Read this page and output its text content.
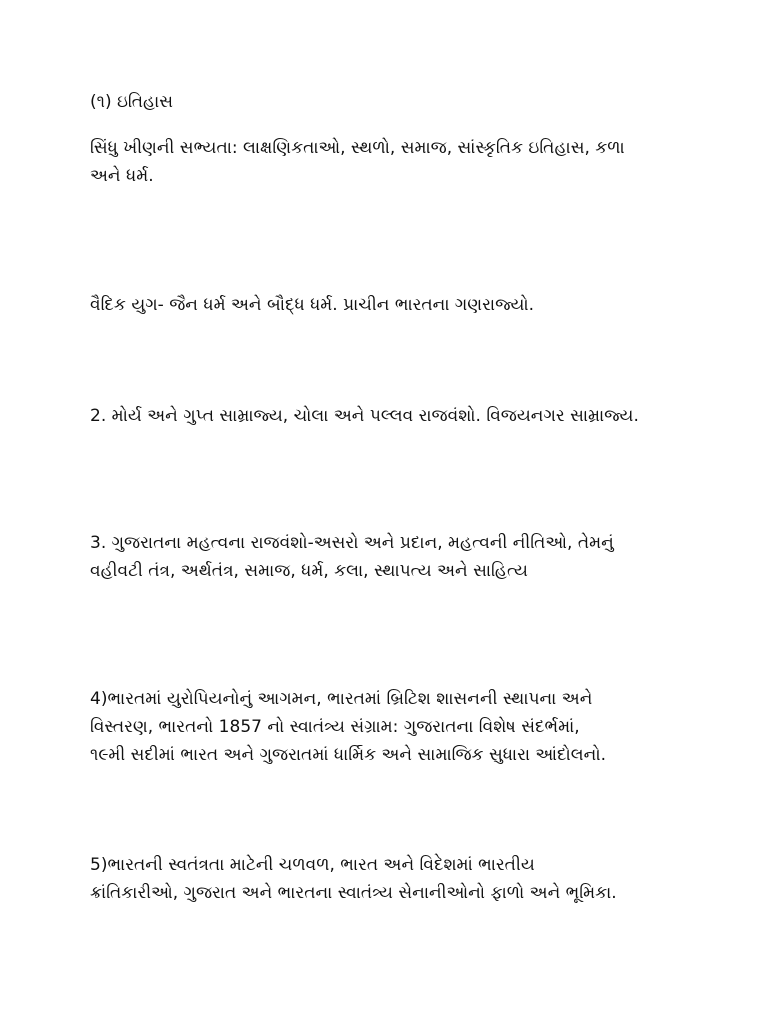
(૧) ઇતિહાસ
સિંધુ ખીણની સભ્યતા: લાક્ષણિકતાઓ, સ્થળો, સમાજ, સાંસ્કૃતિક ઇતિહાસ, કળા
અને ધર્મ.
વૈદિક યુગ- જૈન ધર્મ અને બૌદ્ધ ધર્મ. પ્રાચીન ભારતના ગણરાજ્યો.
2. મોર્ય અને ગુપ્ત સામ્રાજ્ય, ચોલા અને પલ્લવ રાજવંશો. વિજયનગર સામ્રાજ્ય.
3. ગુજરાતના મહત્વના રાજવંશો-અસરો અને પ્રદાન, મહત્વની નીતિઓ, તેમનું
વહીવટી તંત્ર, અર્થતંત્ર, સમાજ, ધર્મ, કલા, સ્થાપત્ય અને સાહિત્ય
4)ભારતમાં યુરોપિયનોનું આગમન, ભારતમાં બ્રિટિશ શાસનની સ્થાપના અને
વિસ્તરણ, ભારતનો 1857 નો સ્વાતંત્ર્ય સંગ્રામ: ગુજરાતના વિશેષ સંદર્ભમાં,
૧૯મી સદીમાં ભારત અને ગુજરાતમાં ધાર્મિક અને સામાજિક સુધારા આંદોલનો.
5)ભારતની સ્વતંત્રતા માટેની ચળવળ, ભારત અને વિદેશમાં ભારતીય
ક્રાંતિકારીઓ, ગુજરાત અને ભારતના સ્વાતંત્ર્ય સેનાનીઓનો ફાળો અને ભૂમિકા.
